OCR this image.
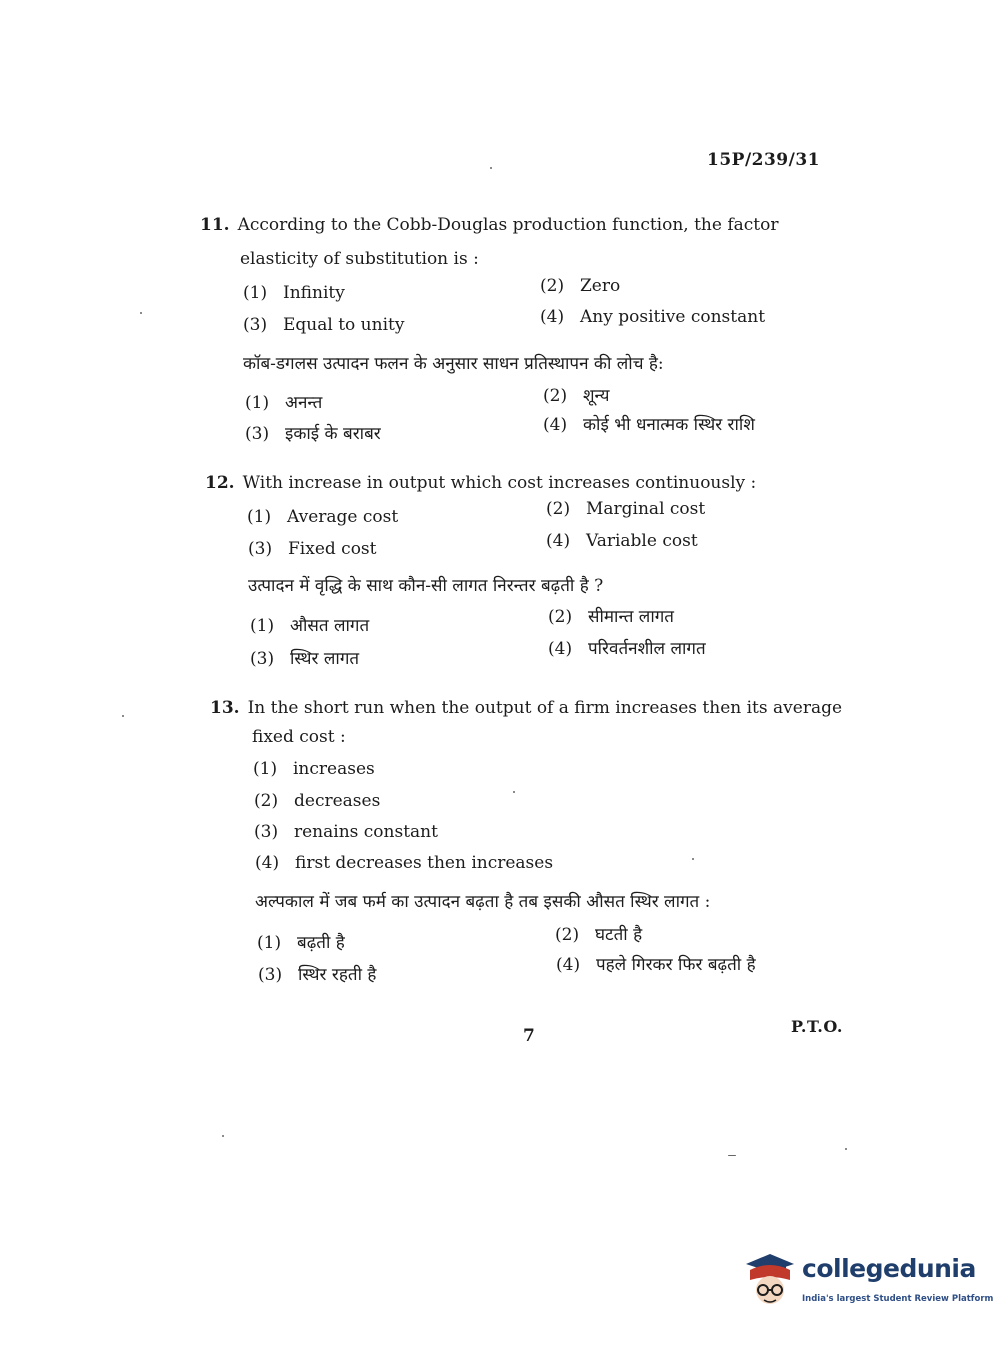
15P/239/31
11. According to the Cobb-Douglas production function, the factor
elasticity of substitution is :
(1) Infinity	(2) Zero
(3) Equal to unity	(4) Any positive constant
कॉब-डगलस उत्पादन फलन के अनुसार साधन प्रतिस्थापन की लोच है:
(1) अनन्त	(2) शून्य
(3) इकाई के बराबर	(4) कोई भी धनात्मक स्थिर राशि
12. With increase in output which cost increases continuously :
(1) Average cost	(2) Marginal cost
(3) Fixed cost	(4) Variable cost
उत्पादन में वृद्धि के साथ कौन-सी लागत निरन्तर बढ़ती है ?
(1) औसत लागत	(2) सीमान्त लागत
(3) स्थिर लागत	(4) परिवर्तनशील लागत
13. In the short run when the output of a firm increases then its average
fixed cost :
(1) increases
(2) decreases
(3) renains constant
(4) first decreases then increases
अल्पकाल में जब फर्म का उत्पादन बढ़ता है तब इसकी औसत स्थिर लागत :
(1) बढ़ती है	(2) घटती है
(3) स्थिर रहती है	(4) पहले गिरकर फिर बढ़ती है
7	P.T.O.
collegedunia
India's largest Student Review Platform
